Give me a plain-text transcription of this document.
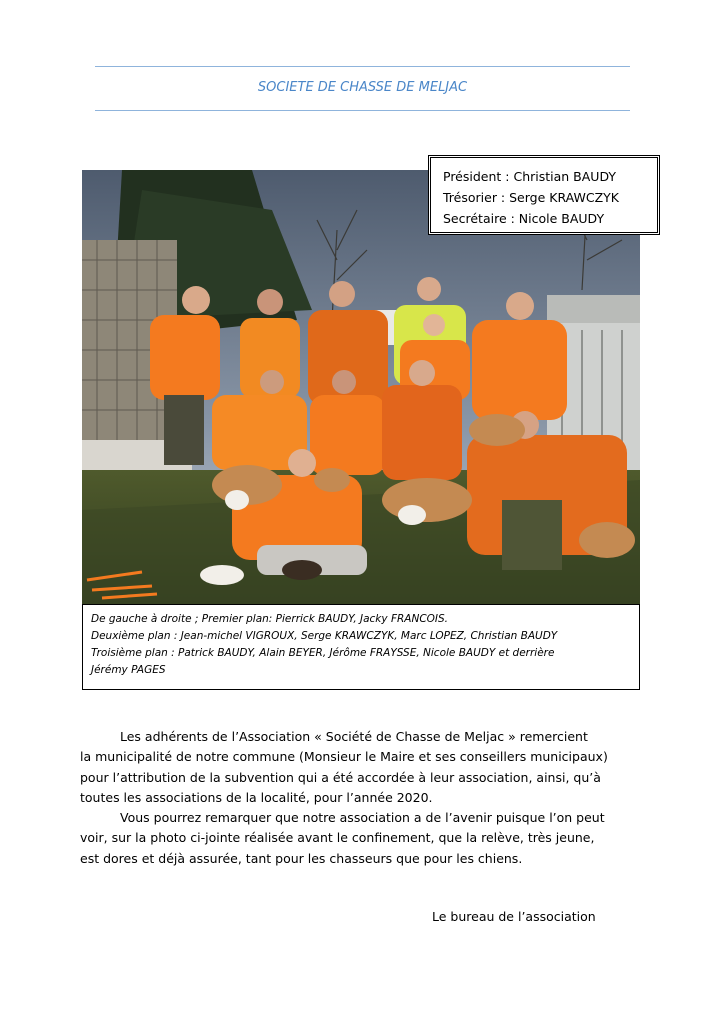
SOCIETE DE CHASSE DE MELJAC
Président : Christian BAUDY
Trésorier : Serge KRAWCZYK
Secrétaire : Nicole BAUDY
De gauche à droite ; Premier plan: Pierrick BAUDY, Jacky FRANCOIS.
Deuxième plan : Jean-michel VIGROUX, Serge KRAWCZYK, Marc LOPEZ, Christian BAUDY
Troisième plan : Patrick BAUDY, Alain BEYER, Jérôme FRAYSSE, Nicole BAUDY et derrière
Jérémy PAGES

Les adhérents de l’Association « Société de Chasse de Meljac » remercient
la municipalité de notre commune (Monsieur le Maire et ses conseillers municipaux)
pour l’attribution de la subvention qui a été accordée à leur association, ainsi, qu’à
toutes les associations de la localité, pour l’année 2020.

Vous pourrez remarquer que notre association a de l’avenir puisque l’on peut
voir, sur la photo ci-jointe réalisée avant le confinement, que la relève, très jeune,
est dores et déjà assurée, tant pour les chasseurs que pour les chiens.

Le bureau de l’association
